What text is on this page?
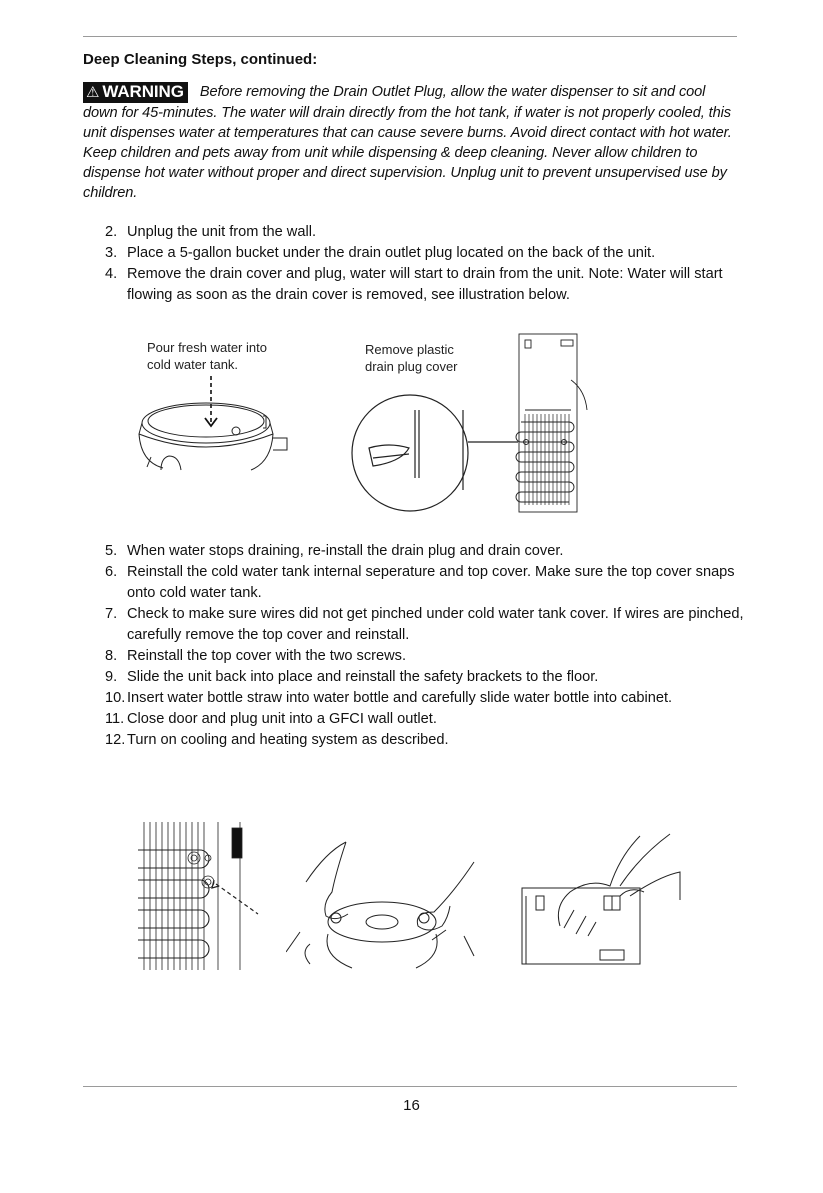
Deep Cleaning Steps, continued:
⚠ WARNING Before removing the Drain Outlet Plug, allow the water dispenser to sit and cool down for 45-minutes. The water will drain directly from the hot tank, if water is not properly cooled, this unit dispenses water at temperatures that can cause severe burns. Avoid direct contact with hot water. Keep children and pets away from unit while dispensing & deep cleaning. Never allow children to dispense hot water without proper and direct supervision. Unplug unit to prevent unsupervised use by children.
2. Unplug the unit from the wall.
3. Place a 5-gallon bucket under the drain outlet plug located on the back of the unit.
4. Remove the drain cover and plug, water will start to drain from the unit. Note: Water will start flowing as soon as the drain cover is removed, see illustration below.
Pour fresh water into
cold water tank.
Remove plastic
drain plug cover
5. When water stops draining, re-install the drain plug and drain cover.
6. Reinstall the cold water tank internal seperature and top cover. Make sure the top cover snaps onto cold water tank.
7. Check to make sure wires did not get pinched under cold water tank cover. If wires are pinched, carefully remove the top cover and reinstall.
8. Reinstall the top cover with the two screws.
9. Slide the unit back into place and reinstall the safety brackets to the floor.
10. Insert water bottle straw into water bottle and carefully slide water bottle into cabinet.
11. Close door and plug unit into a GFCI wall outlet.
12. Turn on cooling and heating system as described.
16
